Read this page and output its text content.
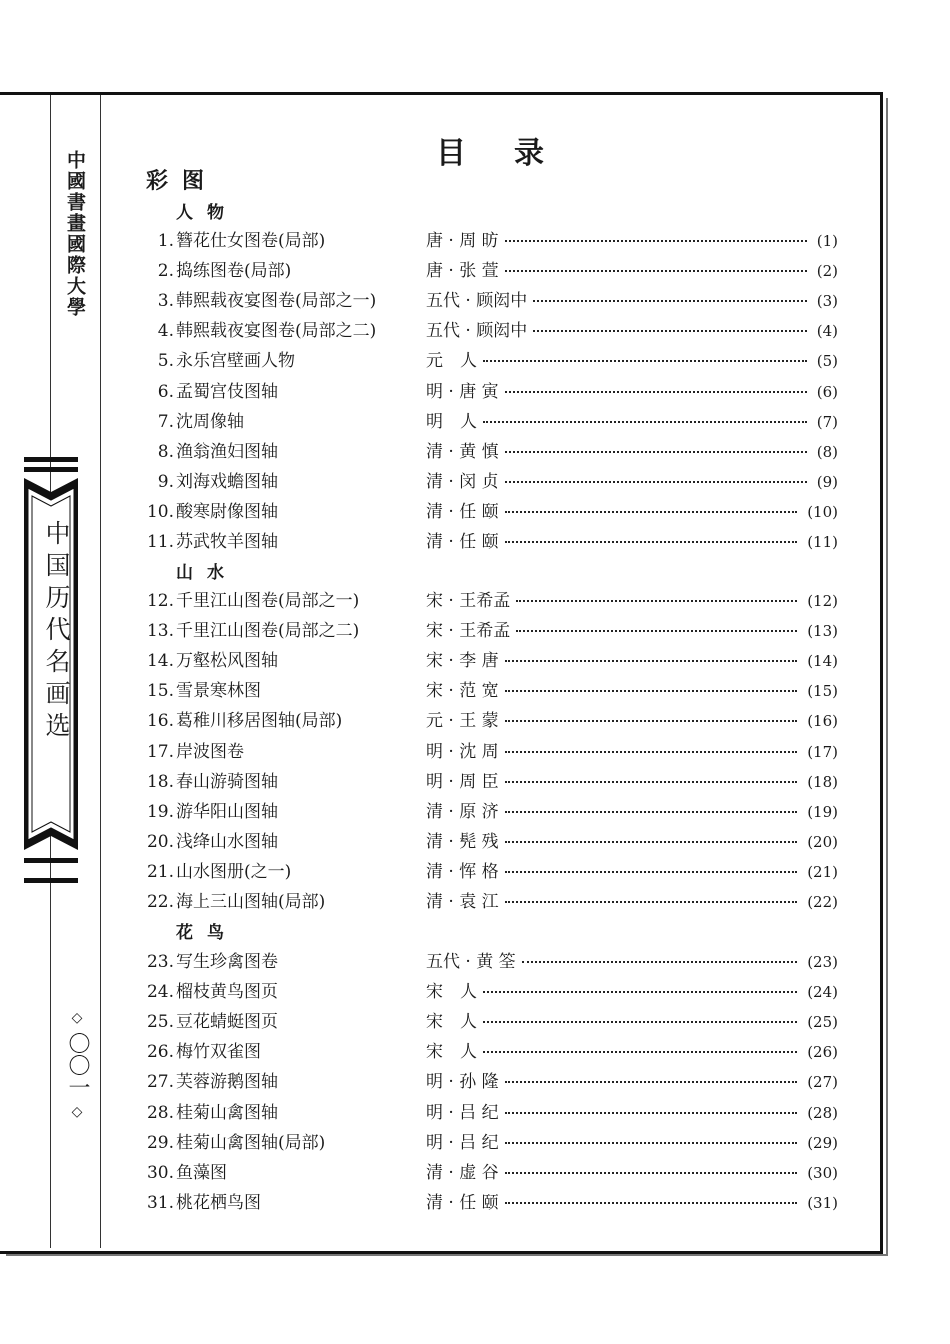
中國書畫國際大學
中国历代名画选
◇
〇〇一
◇
目录
彩图
人物
1. 簪花仕女图卷(局部)	唐 · 周 昉	(1)
2. 捣练图卷(局部)	唐 · 张 萱	(2)
3. 韩熙载夜宴图卷(局部之一)	五代 · 顾闳中	(3)
4. 韩熙载夜宴图卷(局部之二)	五代 · 顾闳中	(4)
5. 永乐宫壁画人物	元　人	(5)
6. 孟蜀宫伎图轴	明 · 唐 寅	(6)
7. 沈周像轴	明　人	(7)
8. 渔翁渔妇图轴	清 · 黄 慎	(8)
9. 刘海戏蟾图轴	清 · 闵 贞	(9)
10. 酸寒尉像图轴	清 · 任 颐	(10)
11. 苏武牧羊图轴	清 · 任 颐	(11)
山水
12. 千里江山图卷(局部之一)	宋 · 王希孟	(12)
13. 千里江山图卷(局部之二)	宋 · 王希孟	(13)
14. 万壑松风图轴	宋 · 李 唐	(14)
15. 雪景寒林图	宋 · 范 宽	(15)
16. 葛稚川移居图轴(局部)	元 · 王 蒙	(16)
17. 岸波图卷	明 · 沈 周	(17)
18. 春山游骑图轴	明 · 周 臣	(18)
19. 游华阳山图轴	清 · 原 济	(19)
20. 浅绛山水图轴	清 · 髡 残	(20)
21. 山水图册(之一)	清 · 恽 格	(21)
22. 海上三山图轴(局部)	清 · 袁 江	(22)
花鸟
23. 写生珍禽图卷	五代 · 黄 筌	(23)
24. 榴枝黄鸟图页	宋　人	(24)
25. 豆花蜻蜓图页	宋　人	(25)
26. 梅竹双雀图	宋　人	(26)
27. 芙蓉游鹅图轴	明 · 孙 隆	(27)
28. 桂菊山禽图轴	明 · 吕 纪	(28)
29. 桂菊山禽图轴(局部)	明 · 吕 纪	(29)
30. 鱼藻图	清 · 虚 谷	(30)
31. 桃花栖鸟图	清 · 任 颐	(31)
